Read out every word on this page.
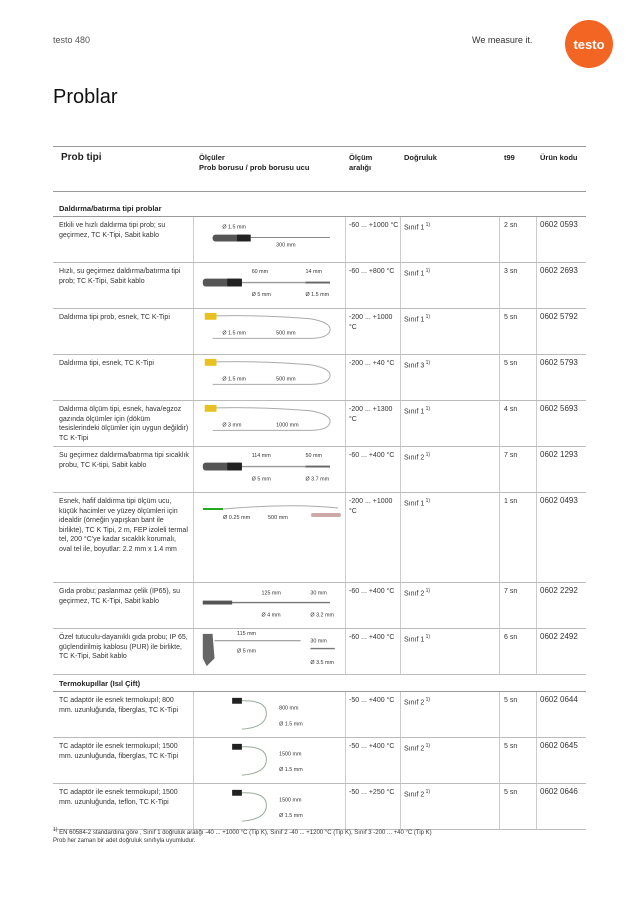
testo 480	We measure it.	testo
Problar
Prob tipi	Ölçüler
Prob borusu / prob borusu ucu
Ölçüm
aralığı
Doğruluk	t99	Ürün kodu
Daldırma/batırma tipi problar
Etkili ve hızlı daldırma tipi prob; su geçirmez, TC K-Tipi, Sabit kablo
Ø 1.5 mm
300 mm
-60 ... +1000 °C Sınıf 1 $^{1)}$	2 sn	0602 0593
Hızlı, su geçirmez daldırma/batırma tipi prob; TC K-Tipi, Sabit kablo
60 mm	14 mm
Ø 5 mm	Ø 1.5 mm
-60 ... +800 °C	Sınıf 1 $^{1)}$	3 sn	0602 2693
Daldırma tipi prob, esnek, TC K-Tipi
Ø 1.5 mm	500 mm
-200 ... +1000 °C
Sınıf 1 $^{1)}$	5 sn	0602 5792
Daldırma tipi, esnek, TC K-Tipi
Ø 1.5 mm	500 mm
-200 ... +40 °C	Sınıf 3 $^{1)}$	5 sn	0602 5793
Daldırma ölçüm tipi, esnek, hava/egzoz gazında ölçümler için (döküm tesislerindeki ölçümler için uygun değildir) TC K-Tipi
Ø 3 mm	1000 mm
-200 ... +1300 °C
Sınıf 1 $^{1)}$	4 sn	0602 5693
Su geçirmez daldırma/batırma tipi sıcaklık probu, TC K-tipi, Sabit kablo
114 mm	50 mm
Ø 5 mm	Ø 3.7 mm
-60 ... +400 °C	Sınıf 2 $^{1)}$	7 sn	0602 1293
Esnek, hafif daldırma tipi ölçüm ucu, küçük hacimler ve yüzey ölçümleri için idealdir (örneğin yapışkan bant ile birlikte), TC K Tipi, 2 m, FEP izoleli termal tel, 200 °C'ye kadar sıcaklık korumalı, oval tel ile, boyutlar: 2.2 mm x 1.4 mm
Ø 0.25 mm	500 mm
-200 ... +1000 °C
Sınıf 1 $^{1)}$	1 sn	0602 0493
Gıda probu; paslanmaz çelik (IP65), su geçirmez, TC K-Tipi, Sabit kablo
125 mm	30 mm
Ø 4 mm	Ø 3.2 mm
-60 ... +400 °C	Sınıf 2 $^{1)}$	7 sn	0602 2292
Özel tutuculu-dayanıklı gıda probu; IP 65, güçlendirilmiş kablosu (PUR) ile birlikte, TC K-Tipi, Sabit kablo
115 mm
30 mm
Ø 5 mm
Ø 3.5 mm
-60 ... +400 °C	Sınıf 1 $^{1)}$	6 sn	0602 2492
Termokupıllar (Isıl Çift)
TC adaptör ile esnek termokupıl; 800 mm. uzunluğunda, fiberglas, TC K-Tipi	800 mm
Ø 1.5 mm
-50 ... +400 °C	Sınıf 2 $^{1)}$	5 sn	0602 0644
TC adaptör ile esnek termokupıl; 1500 mm. uzunluğunda, fiberglas, TC K-Tipi	1500 mm
Ø 1.5 mm
-50 ... +400 °C	Sınıf 2 $^{1)}$	5 sn	0602 0645
TC adaptör ile esnek termokupıl; 1500 mm. uzunluğunda, teflon, TC K-Tipi	1500 mm
Ø 1.5 mm
-50 ... +250 °C	Sınıf 2 $^{1)}$	5 sn	0602 0646
$^{1)}$ EN 60584-2 standardına göre , Sınıf 1 doğruluk aralığı -40 ... +1000 °C (Tip K), Sınıf 2 -40 ... +1200 °C (Tip K), Sınıf 3 -200 ... +40 °C (Tip K)
Prob her zaman bir adet doğruluk sınıfıyla uyumludur.
